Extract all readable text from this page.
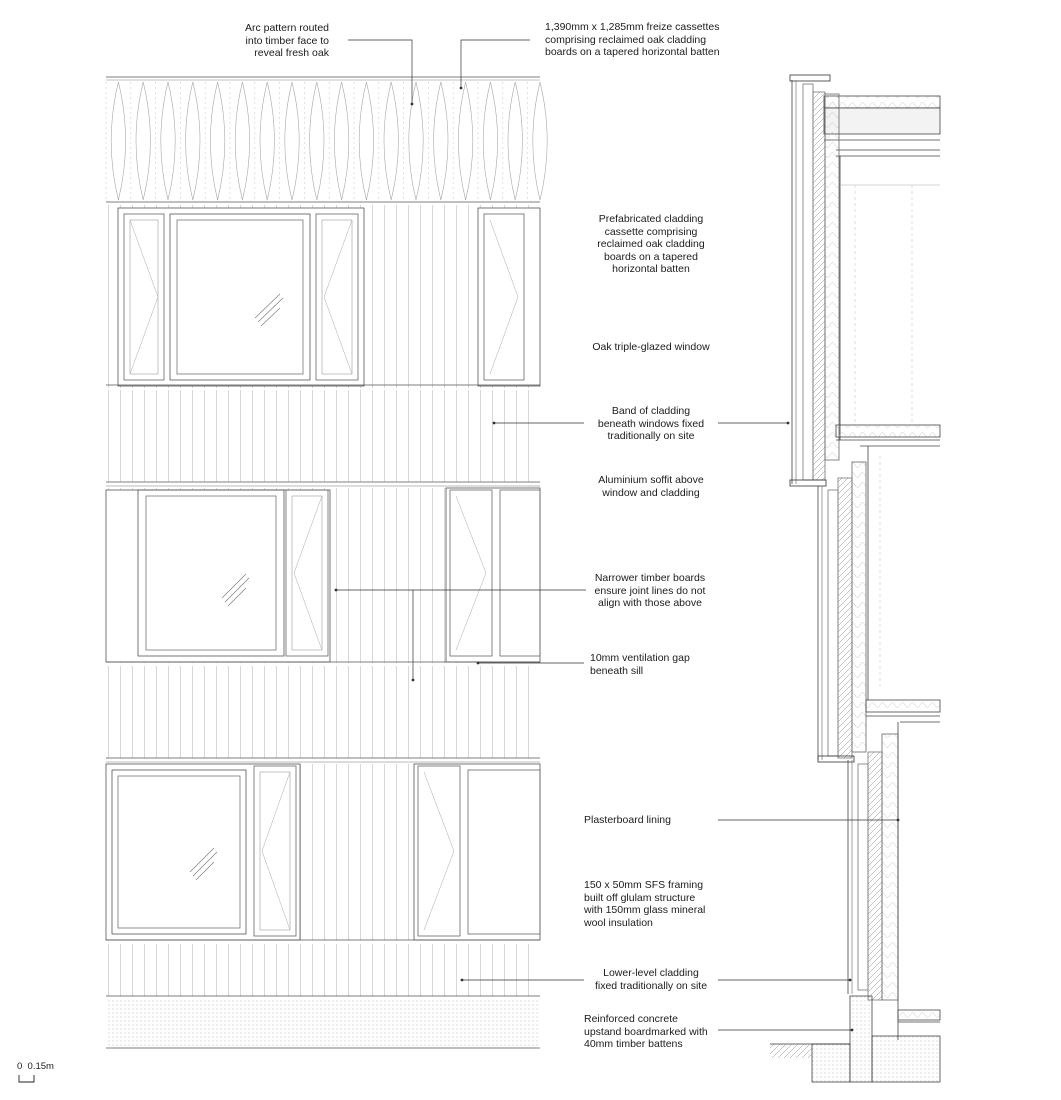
Arc pattern routed
into timber face to
reveal fresh oak
1,390mm x 1,285mm freize cassettes
comprising reclaimed oak cladding
boards on a tapered horizontal batten
Prefabricated cladding
cassette comprising
reclaimed oak cladding
boards on a tapered
horizontal batten
Oak triple-glazed window
Band of cladding
beneath windows fixed
traditionally on site
Aluminium soffit above
window and cladding
Narrower timber boards
ensure joint lines do not
align with those above
10mm ventilation gap
beneath sill
Plasterboard lining
150 x 50mm SFS framing
built off glulam structure
with 150mm glass mineral
wool insulation
Lower-level cladding
fixed traditionally on site
Reinforced concrete
upstand boardmarked with
40mm timber battens
0  0.15m
